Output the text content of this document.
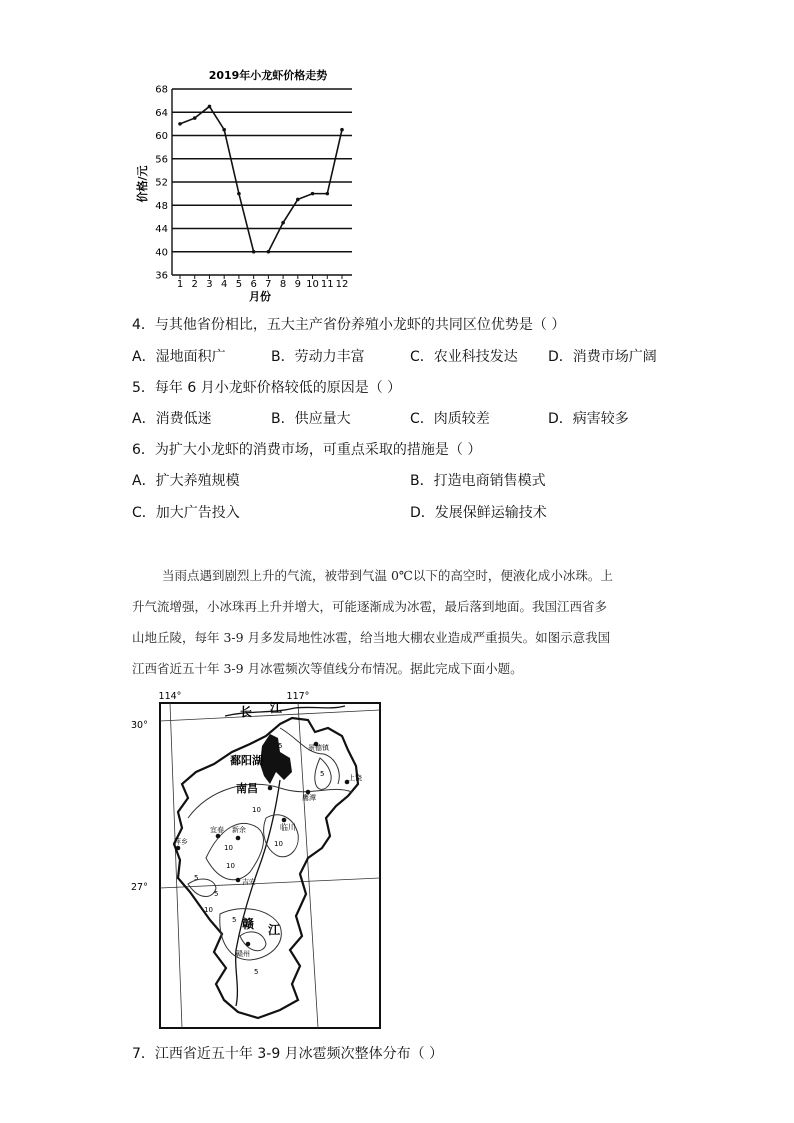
2019年小龙虾价格走势
36
40
44
48
52
56
60
64
68
1 2 3 4 5 6 7 8 9 10 11 12
价格/元
月份
4．与其他省份相比，五大主产省份养殖小龙虾的共同区位优势是（ ）
A．湿地面积广	B．劳动力丰富	C．农业科技发达 D．消费市场广阔
5．每年 6 月小龙虾价格较低的原因是（ ）
A．消费低迷	B．供应量大	C．肉质较差	D．病害较多
6．为扩大小龙虾的消费市场，可重点采取的措施是（ ）
A．扩大养殖规模	B．打造电商销售模式
C．加大广告投入	D．发展保鲜运输技术
当雨点遇到剧烈上升的气流，被带到气温 0℃以下的高空时，便液化成小冰珠。上
升气流增强，小冰珠再上升并增大，可能逐渐成为冰雹，最后落到地面。我国江西省多
山地丘陵，每年 3-9 月多发局地性冰雹，给当地大棚农业造成严重损失。如图示意我国
江西省近五十年 3-9 月冰雹频次等值线分布情况。据此完成下面小题。
114°	117°
30°
27°
长 江
鄱阳湖
南昌
景德镇
上饶
鹰潭
临川
宜春 新余
萍乡
吉安
赣 江
赣州
5
5
10
10
5
10
5
10
5
10
5
7．江西省近五十年 3-9 月冰雹频次整体分布（ ）
